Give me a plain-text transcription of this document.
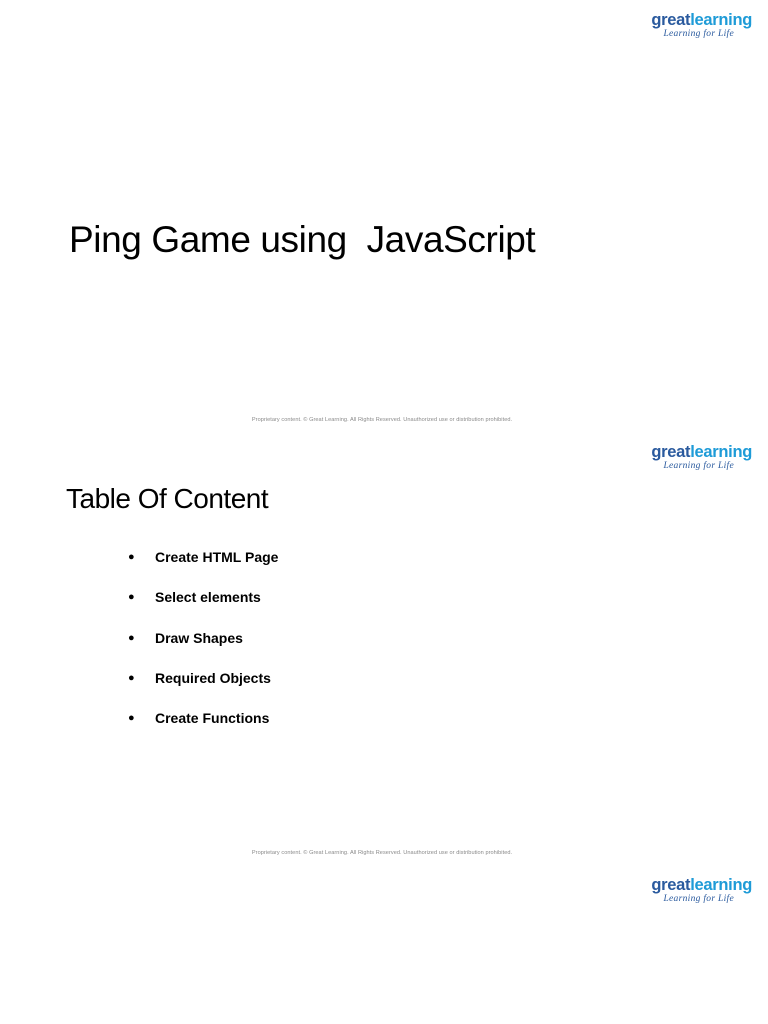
greatlearning
Learning for Life
Ping Game using  JavaScript
Proprietary content. © Great Learning. All Rights Reserved. Unauthorized use or distribution prohibited.
greatlearning
Learning for Life
Table Of Content
● Create HTML Page
● Select elements
● Draw Shapes
● Required Objects
● Create Functions
Proprietary content. © Great Learning. All Rights Reserved. Unauthorized use or distribution prohibited.
greatlearning
Learning for Life
